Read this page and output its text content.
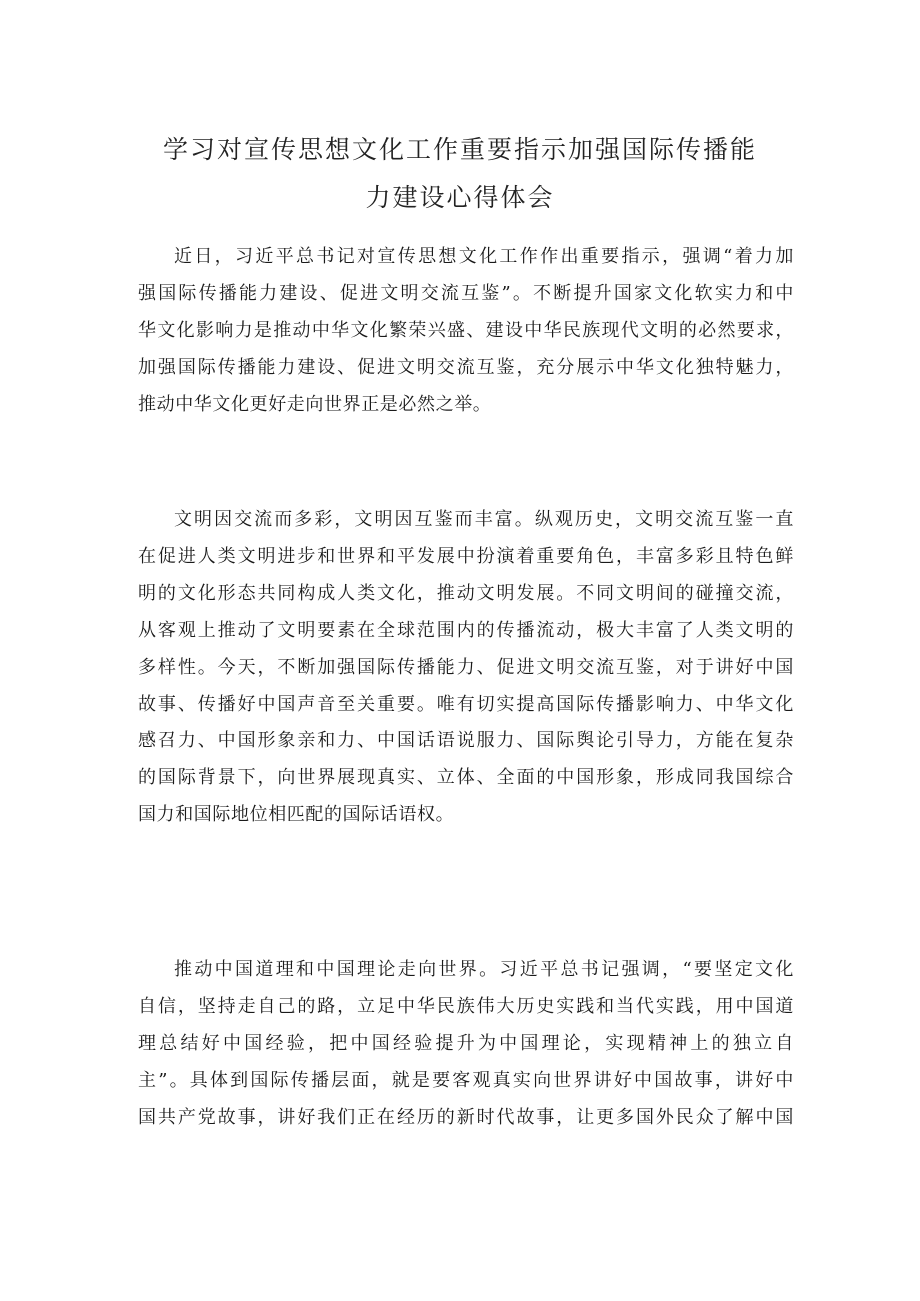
学习对宣传思想文化工作重要指示加强国际传播能
力建设心得体会
近日，习近平总书记对宣传思想文化工作作出重要指示，强调“着力加
强国际传播能力建设、促进文明交流互鉴”。不断提升国家文化软实力和中
华文化影响力是推动中华文化繁荣兴盛、建设中华民族现代文明的必然要求，
加强国际传播能力建设、促进文明交流互鉴，充分展示中华文化独特魅力，
推动中华文化更好走向世界正是必然之举。
文明因交流而多彩，文明因互鉴而丰富。纵观历史，文明交流互鉴一直
在促进人类文明进步和世界和平发展中扮演着重要角色，丰富多彩且特色鲜
明的文化形态共同构成人类文化，推动文明发展。不同文明间的碰撞交流，
从客观上推动了文明要素在全球范围内的传播流动，极大丰富了人类文明的
多样性。今天，不断加强国际传播能力、促进文明交流互鉴，对于讲好中国
故事、传播好中国声音至关重要。唯有切实提高国际传播影响力、中华文化
感召力、中国形象亲和力、中国话语说服力、国际舆论引导力，方能在复杂
的国际背景下，向世界展现真实、立体、全面的中国形象，形成同我国综合
国力和国际地位相匹配的国际话语权。
推动中国道理和中国理论走向世界。习近平总书记强调，“要坚定文化
自信，坚持走自己的路，立足中华民族伟大历史实践和当代实践，用中国道
理总结好中国经验，把中国经验提升为中国理论，实现精神上的独立自
主”。具体到国际传播层面，就是要客观真实向世界讲好中国故事，讲好中
国共产党故事，讲好我们正在经历的新时代故事，让更多国外民众了解中国
